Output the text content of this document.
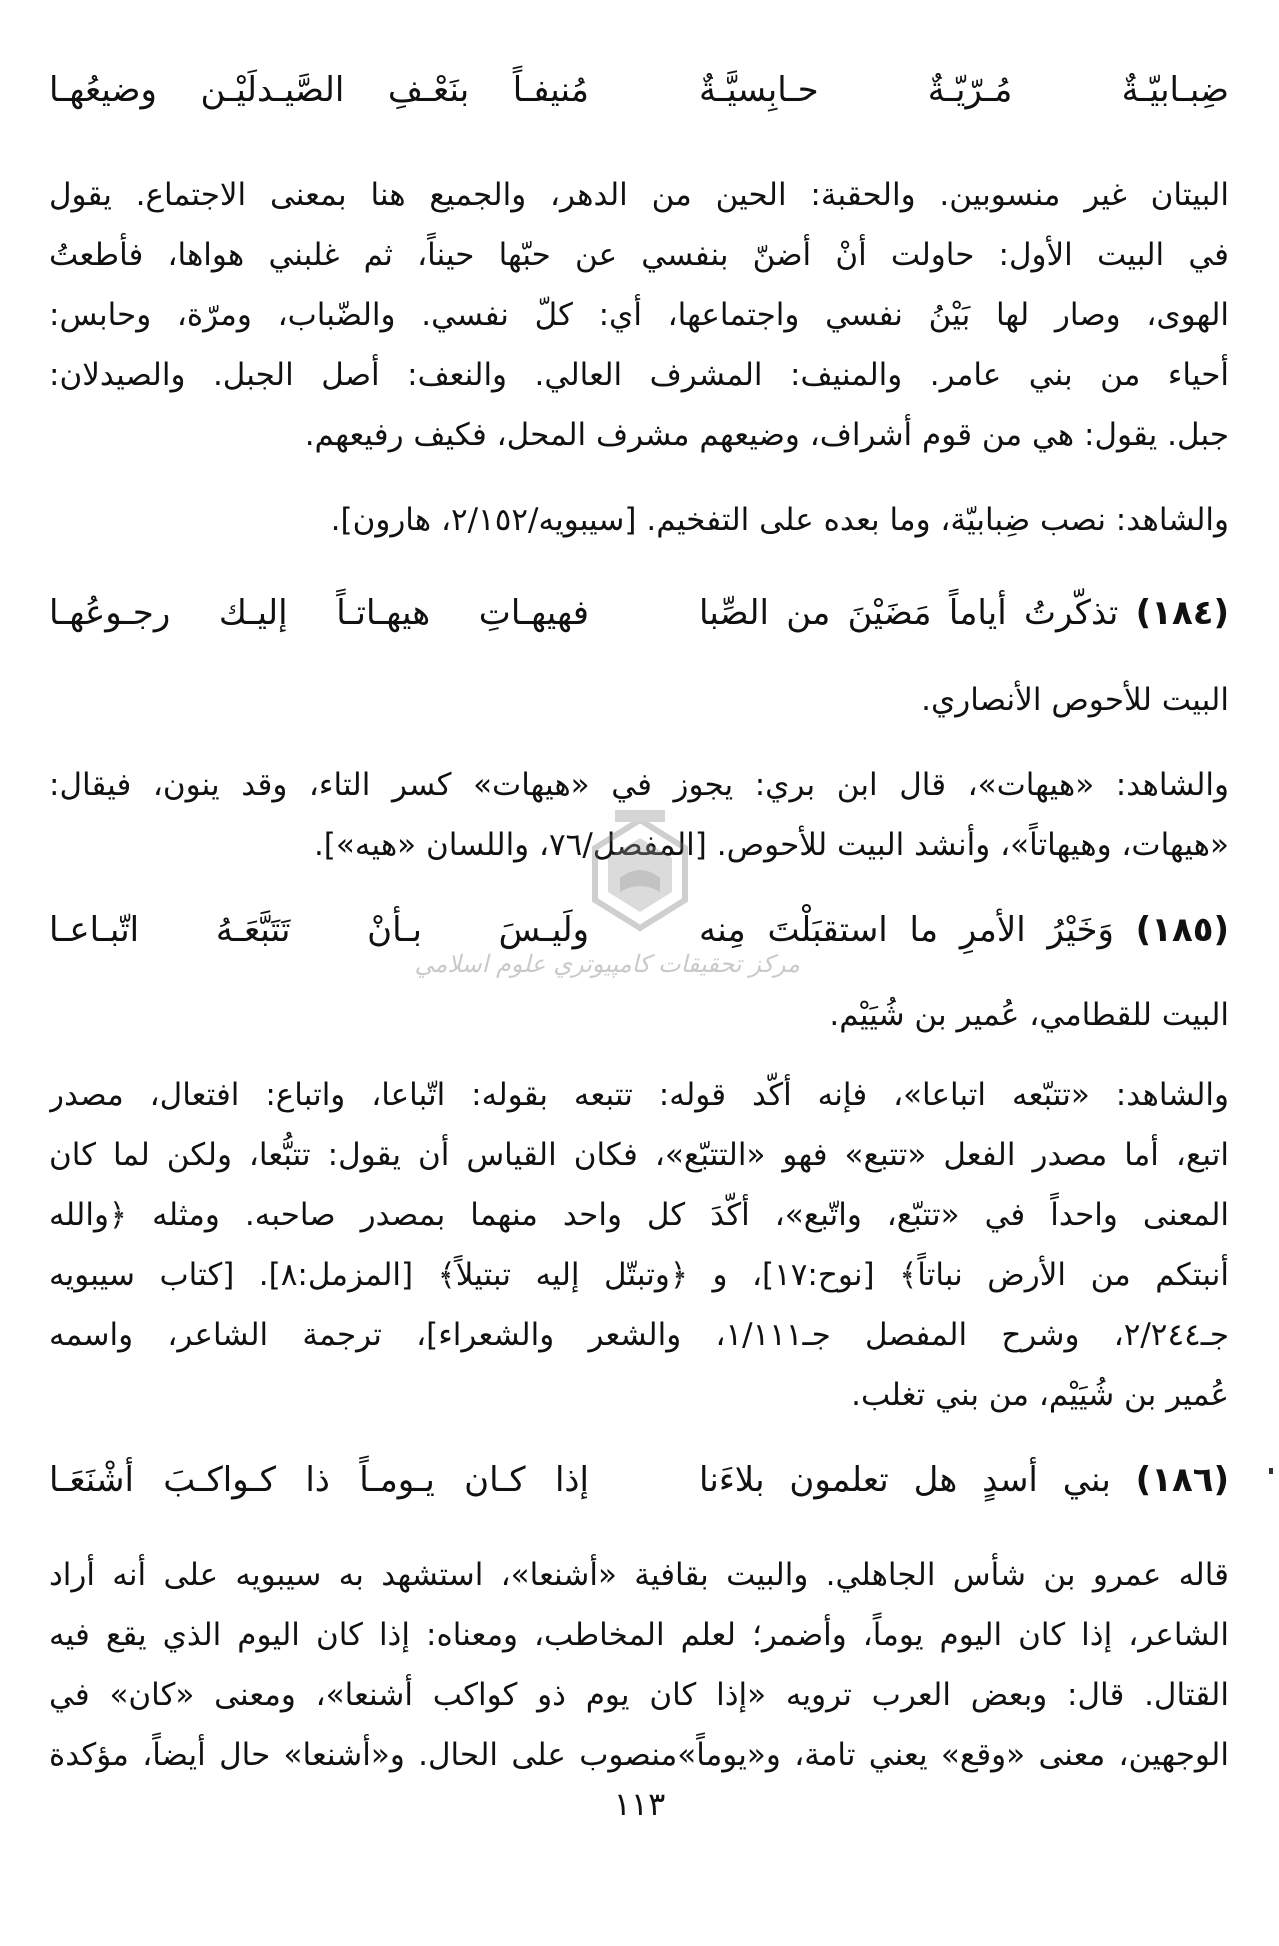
ضِبـابيّـةٌ مُـرّيّـةٌ حـابِسيَّـةٌ
مُنيفـاً بنَعْـفِ الصَّيـدلَيْـن وضيعُهـا
البيتان غير منسوبين. والحقبة: الحين من الدهر، والجميع هنا بمعنى الاجتماع. يقول
في البيت الأول: حاولت أنْ أضنّ بنفسي عن حبّها حيناً، ثم غلبني هواها، فأطعتُ
الهوى، وصار لها بَيْنُ نفسي واجتماعها، أي: كلّ نفسي. والضّباب، ومرّة، وحابس:
أحياء من بني عامر. والمنيف: المشرف العالي. والنعف: أصل الجبل. والصيدلان:
جبل. يقول: هي من قوم أشراف، وضيعهم مشرف المحل، فكيف رفيعهم.
والشاهد: نصب ضِبابيّة، وما بعده على التفخيم. [سيبويه/٢/١٥٢، هارون].
(١٨٤) تذكّرتُ أياماً مَضَيْنَ من الصِّبا
فهيهـاتِ هيهـاتـاً إليـك رجـوعُهـا
البيت للأحوص الأنصاري.
والشاهد: «هيهات»، قال ابن بري: يجوز في «هيهات» كسر التاء، وقد ينون، فيقال:
«هيهات، وهيهاتاً»، وأنشد البيت للأحوص. [المفصل/٧٦، واللسان «هيه»].
(١٨٥) وَخَيْرُ الأمرِ ما استقبَلْتَ مِنه
ولَيـسَ بـأنْ تَتَبَّعَـهُ اتّبـاعـا
البيت للقطامي، عُمير بن شُيَيْم.
مركز تحقيقات كامپيوتري علوم اسلامي
والشاهد: «تتبّعه اتباعا»، فإنه أكّد قوله: تتبعه بقوله: اتّباعا، واتباع: افتعال، مصدر
اتبع، أما مصدر الفعل «تتبع» فهو «التتبّع»، فكان القياس أن يقول: تتبُّعا، ولكن لما كان
المعنى واحداً في «تتبّع، واتّبع»، أكّدَ كل واحد منهما بمصدر صاحبه. ومثله ﴿والله
أنبتكم من الأرض نباتاً﴾ [نوح:١٧]، و ﴿وتبتّل إليه تبتيلاً﴾ [المزمل:٨]. [كتاب سيبويه
جـ٢/٢٤٤، وشرح المفصل جـ١/١١١، والشعر والشعراء]، ترجمة الشاعر، واسمه
عُمير بن شُيَيْم، من بني تغلب.
(١٨٦) بني أسدٍ هل تعلمون بلاءَنا
إذا كـان يـومـاً ذا كـواكـبَ أشْنَعَـا
قاله عمرو بن شأس الجاهلي. والبيت بقافية «أشنعا»، استشهد به سيبويه على أنه أراد
الشاعر، إذا كان اليوم يوماً، وأضمر؛ لعلم المخاطب، ومعناه: إذا كان اليوم الذي يقع فيه
القتال. قال: وبعض العرب ترويه «إذا كان يوم ذو كواكب أشنعا»، ومعنى «كان» في
الوجهين، معنى «وقع» يعني تامة، و«يوماً»منصوب على الحال. و«أشنعا» حال أيضاً، مؤكدة
١١٣
